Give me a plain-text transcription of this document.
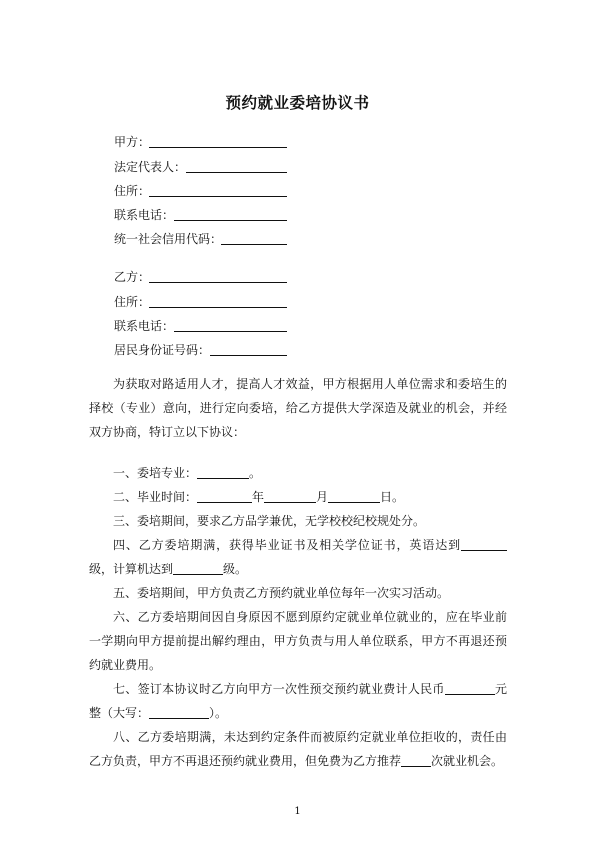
预约就业委培协议书
甲方：
法定代表人：
住所：
联系电话：
统一社会信用代码：
乙方：
住所：
联系电话：
居民身份证号码：

为获取对路适用人才，提高人才效益，甲方根据用人单位需求和委培生的择校（专业）意向，进行定向委培，给乙方提供大学深造及就业的机会，并经双方协商，特订立以下协议：

一、委培专业：	。

二、毕业时间：	年	月	日。

三、委培期间，要求乙方品学兼优，无学校校纪校规处分。

四、乙方委培期满，获得毕业证书及相关学位证书，英语达到级，计算机达到	级。

五、委培期间，甲方负责乙方预约就业单位每年一次实习活动。

六、乙方委培期间因自身原因不愿到原约定就业单位就业的，应在毕业前一学期向甲方提前提出解约理由，甲方负责与用人单位联系，甲方不再退还预约就业费用。

七、签订本协议时乙方向甲方一次性预交预约就业费计人民币	元整（大写：	）。

八、乙方委培期满，未达到约定条件而被原约定就业单位拒收的，责任由乙方负责，甲方不再退还预约就业费用，但免费为乙方推荐	次就业机会。

1
